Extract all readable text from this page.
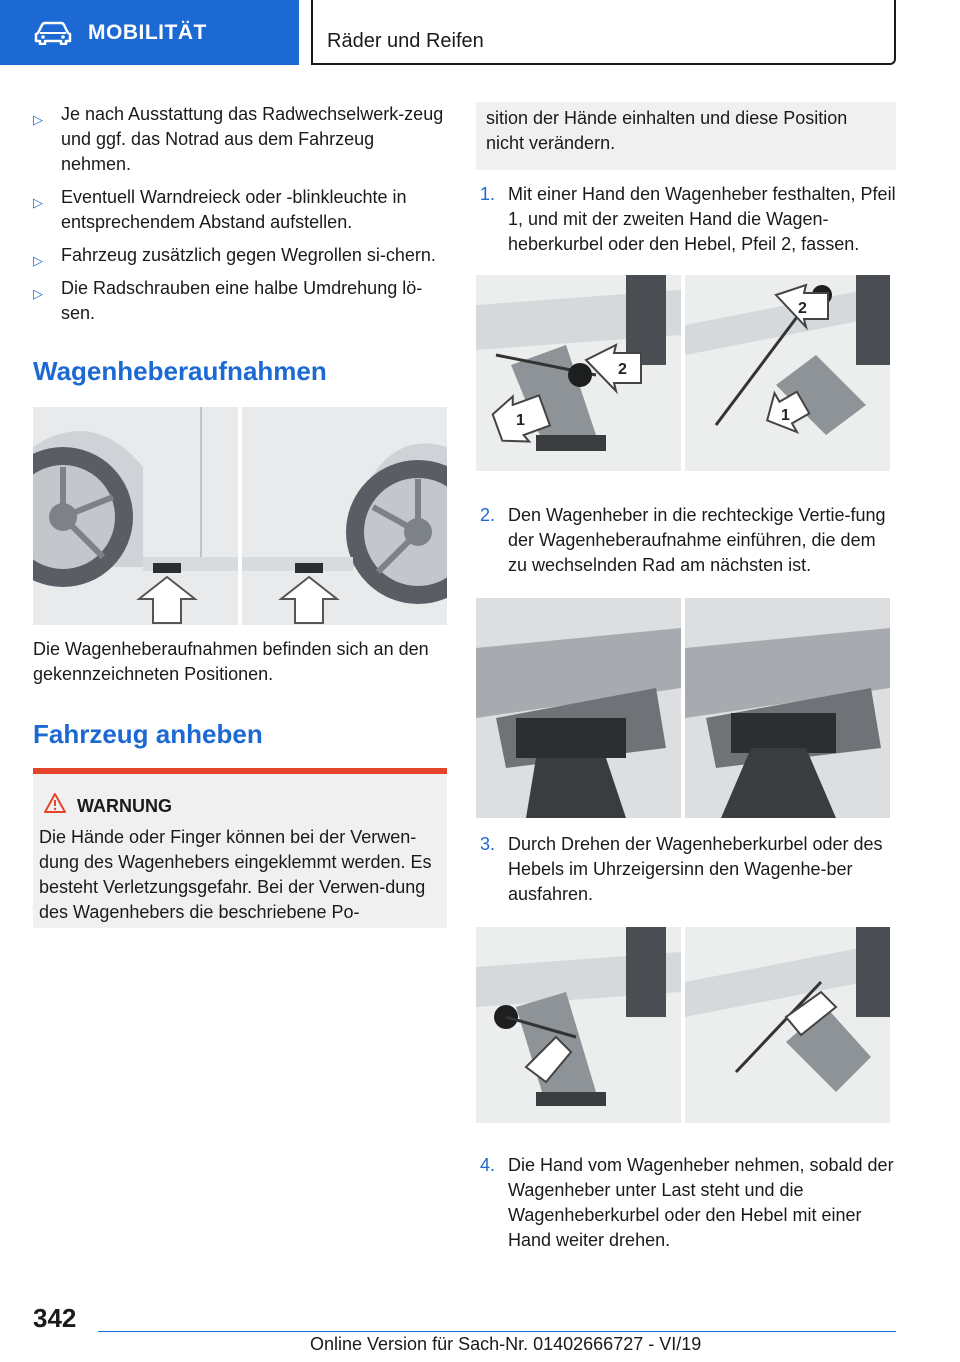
MOBILITÄT	Räder und Reifen
▷ Je nach Ausstattung das Radwechselwerk-zeug und ggf. das Notrad aus dem Fahrzeug nehmen.
▷ Eventuell Warndreieck oder -blinkleuchte in entsprechendem Abstand aufstellen.
▷ Fahrzeug zusätzlich gegen Wegrollen si-chern.
▷ Die Radschrauben eine halbe Umdrehung lö-sen.
Wagenheberaufnahmen
Die Wagenheberaufnahmen befinden sich an den gekennzeichneten Positionen.
Fahrzeug anheben
WARNUNG
Die Hände oder Finger können bei der Verwen-dung des Wagenhebers eingeklemmt werden. Es besteht Verletzungsgefahr. Bei der Verwen-dung des Wagenhebers die beschriebene Po-
sition der Hände einhalten und diese Position nicht verändern.
1. Mit einer Hand den Wagenheber festhalten, Pfeil 1, und mit der zweiten Hand die Wagen-heberkurbel oder den Hebel, Pfeil 2, fassen.
1
2
1
2
2. Den Wagenheber in die rechteckige Vertie-fung der Wagenheberaufnahme einführen, die dem zu wechselnden Rad am nächsten ist.
3. Durch Drehen der Wagenheberkurbel oder des Hebels im Uhrzeigersinn den Wagenhe-ber ausfahren.
4. Die Hand vom Wagenheber nehmen, sobald der Wagenheber unter Last steht und die Wagenheberkurbel oder den Hebel mit einer Hand weiter drehen.
342
Online Version für Sach-Nr. 01402666727 - VI/19
